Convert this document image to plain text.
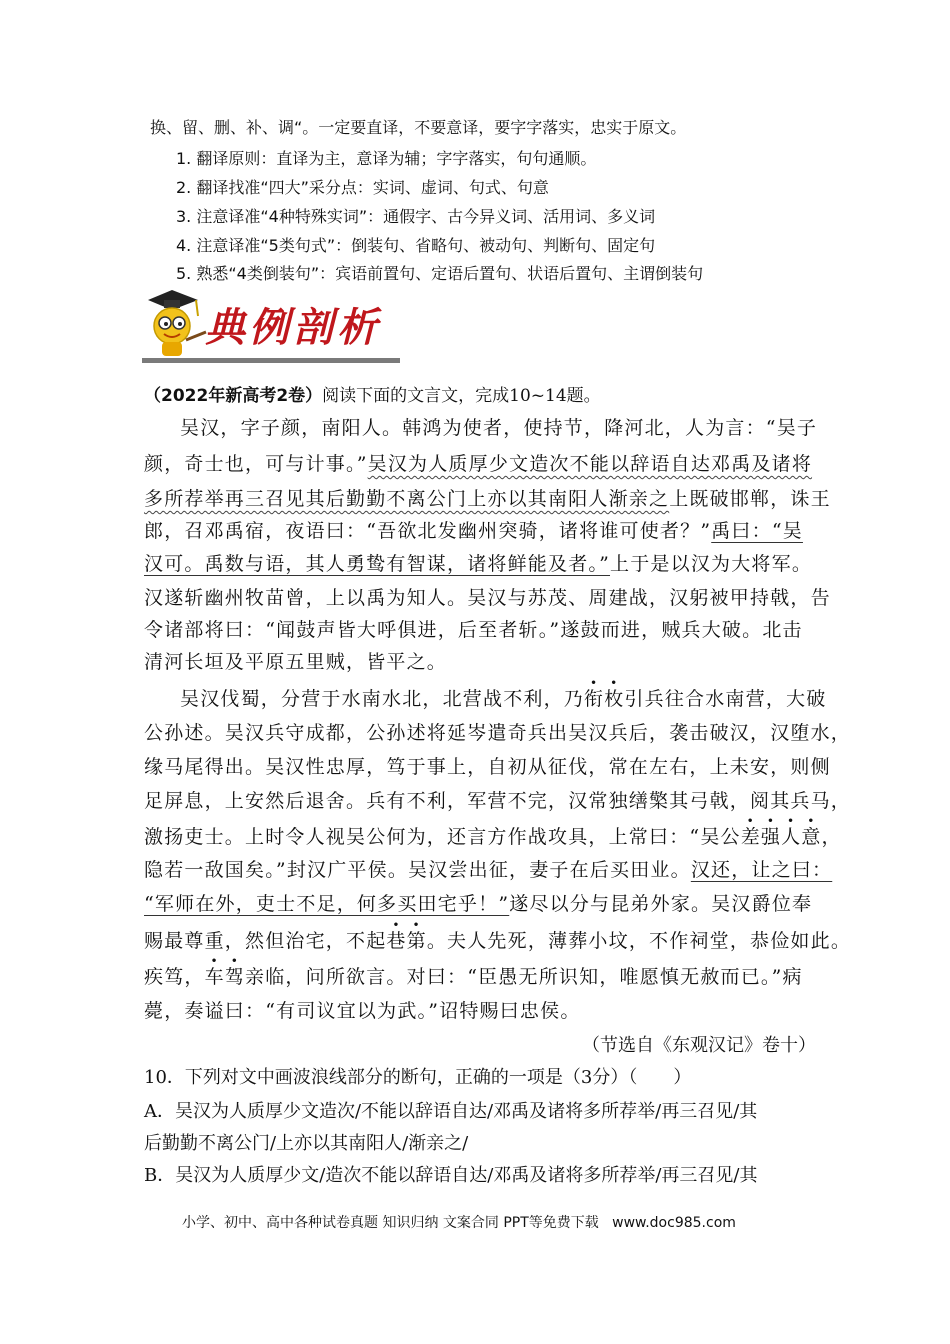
换、留、删、补、调“。一定要直译，不要意译，要字字落实，忠实于原文。
1. 翻译原则：直译为主，意译为辅；字字落实，句句通顺。
2. 翻译找准“四大”采分点：实词、虚词、句式、句意
3. 注意译准“4种特殊实词”：通假字、古今异义词、活用词、多义词
4. 注意译准“5类句式”：倒装句、省略句、被动句、判断句、固定句
5. 熟悉“4类倒装句”：宾语前置句、定语后置句、状语后置句、主谓倒装句
典例剖析
（2022年新高考2卷）阅读下面的文言文，完成10~14题。
吴汉，字子颜，南阳人。韩鸿为使者，使持节，降河北，人为言：“吴子
颜，奇士也，可与计事。”吴汉为人质厚少文造次不能以辞语自达邓禹及诸将
多所荐举再三召见其后勤勤不离公门上亦以其南阳人渐亲之上既破邯郸，诛王
郎，召邓禹宿，夜语曰：“吾欲北发幽州突骑，诸将谁可使者？”禹曰：“吴
汉可。禹数与语，其人勇鸷有智谋，诸将鲜能及者。”上于是以汉为大将军。
汉遂斩幽州牧苗曾，上以禹为知人。吴汉与苏茂、周建战，汉躬被甲持戟，告
令诸部将曰：“闻鼓声皆大呼俱进，后至者斩。”遂鼓而进，贼兵大破。北击
清河长垣及平原五里贼，皆平之。
吴汉伐蜀，分营于水南水北，北营战不利，乃衔枚引兵往合水南营，大破
公孙述。吴汉兵守成都，公孙述将延岑遣奇兵出吴汉兵后，袭击破汉，汉堕水，
缘马尾得出。吴汉性忠厚，笃于事上，自初从征伐，常在左右，上未安，则侧
足屏息，上安然后退舍。兵有不利，军营不完，汉常独缮檠其弓戟，阅其兵马，
激扬吏士。上时令人视吴公何为，还言方作战攻具，上常曰：“吴公差强人意，
隐若一敌国矣。”封汉广平侯。吴汉尝出征，妻子在后买田业。汉还，让之曰：
“军师在外，吏士不足，何多买田宅乎！”遂尽以分与昆弟外家。吴汉爵位奉
赐最尊重，然但治宅，不起巷第。夫人先死，薄葬小坟，不作祠堂，恭俭如此。
疾笃，车驾亲临，问所欲言。对曰：“臣愚无所识知，唯愿慎无赦而已。”病
薨，奏谥曰：“有司议宜以为武。”诏特赐曰忠侯。
（节选自《东观汉记》卷十）
10．下列对文中画波浪线部分的断句，正确的一项是（3分）（　　）
A．吴汉为人质厚少文造次/不能以辞语自达/邓禹及诸将多所荐举/再三召见/其
后勤勤不离公门/上亦以其南阳人/渐亲之/
B．吴汉为人质厚少文/造次不能以辞语自达/邓禹及诸将多所荐举/再三召见/其
小学、初中、高中各种试卷真题 知识归纳 文案合同 PPT等免费下载 www.doc985.com
